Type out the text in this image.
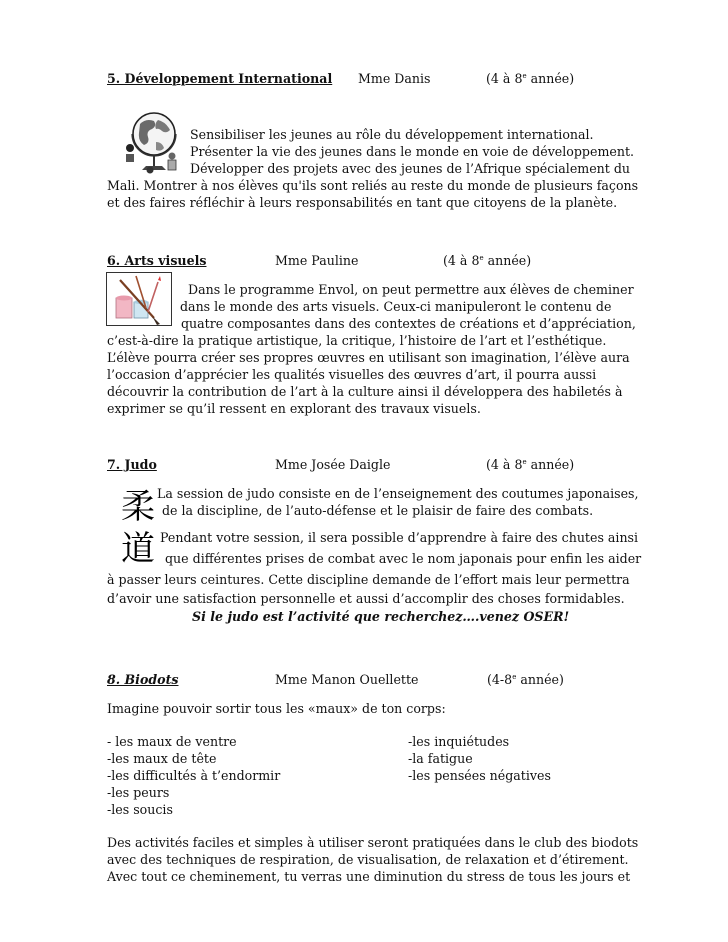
5. Développement International Mme Danis	(4 à 8e année)
Sensibiliser les jeunes au rôle du développement international.
Présenter la vie des jeunes dans le monde en voie de développement.
Développer des projets avec des jeunes de l’Afrique spécialement du
Mali. Montrer à nos élèves qu'ils sont reliés au reste du monde de plusieurs façons
et des faires réfléchir à leurs responsabilités en tant que citoyens de la planète.
6. Arts visuels	Mme Pauline	(4 à 8e année)
Dans le programme Envol, on peut permettre aux élèves de cheminer
dans le monde des arts visuels. Ceux-ci manipuleront le contenu de
quatre composantes dans des contextes de créations et d’appréciation,
c’est-à-dire la pratique artistique, la critique, l’histoire de l’art et l’esthétique.
L’élève pourra créer ses propres œuvres en utilisant son imagination, l’élève aura
l’occasion d’apprécier les qualités visuelles des œuvres d’art, il pourra aussi
découvrir la contribution de l’art à la culture ainsi il développera des habiletés à
exprimer se qu’il ressent en explorant des travaux visuels.
7. Judo	Mme Josée Daigle	(4 à 8e année)
柔
道
La session de judo consiste en de l’enseignement des coutumes japonaises,
de la discipline, de l’auto-défense et le plaisir de faire des combats.
Pendant votre session, il sera possible d’apprendre à faire des chutes ainsi
que différentes prises de combat avec le nom japonais pour enfin les aider
à passer leurs ceintures. Cette discipline demande de l’effort mais leur permettra
d’avoir une satisfaction personnelle et aussi d’accomplir des choses formidables.
Si le judo est l’activité que recherchez….venez OSER!
8. Biodots	Mme Manon Ouellette	(4-8e année)
Imagine pouvoir sortir tous les «maux» de ton corps:
- les maux de ventre
-les maux de tête
-les difficultés à t’endormir
-les peurs
-les soucis
-les inquiétudes
-la fatigue
-les pensées négatives
Des activités faciles et simples à utiliser seront pratiquées dans le club des biodots
avec des techniques de respiration, de visualisation, de relaxation et d’étirement.
Avec tout ce cheminement, tu verras une diminution du stress de tous les jours et
